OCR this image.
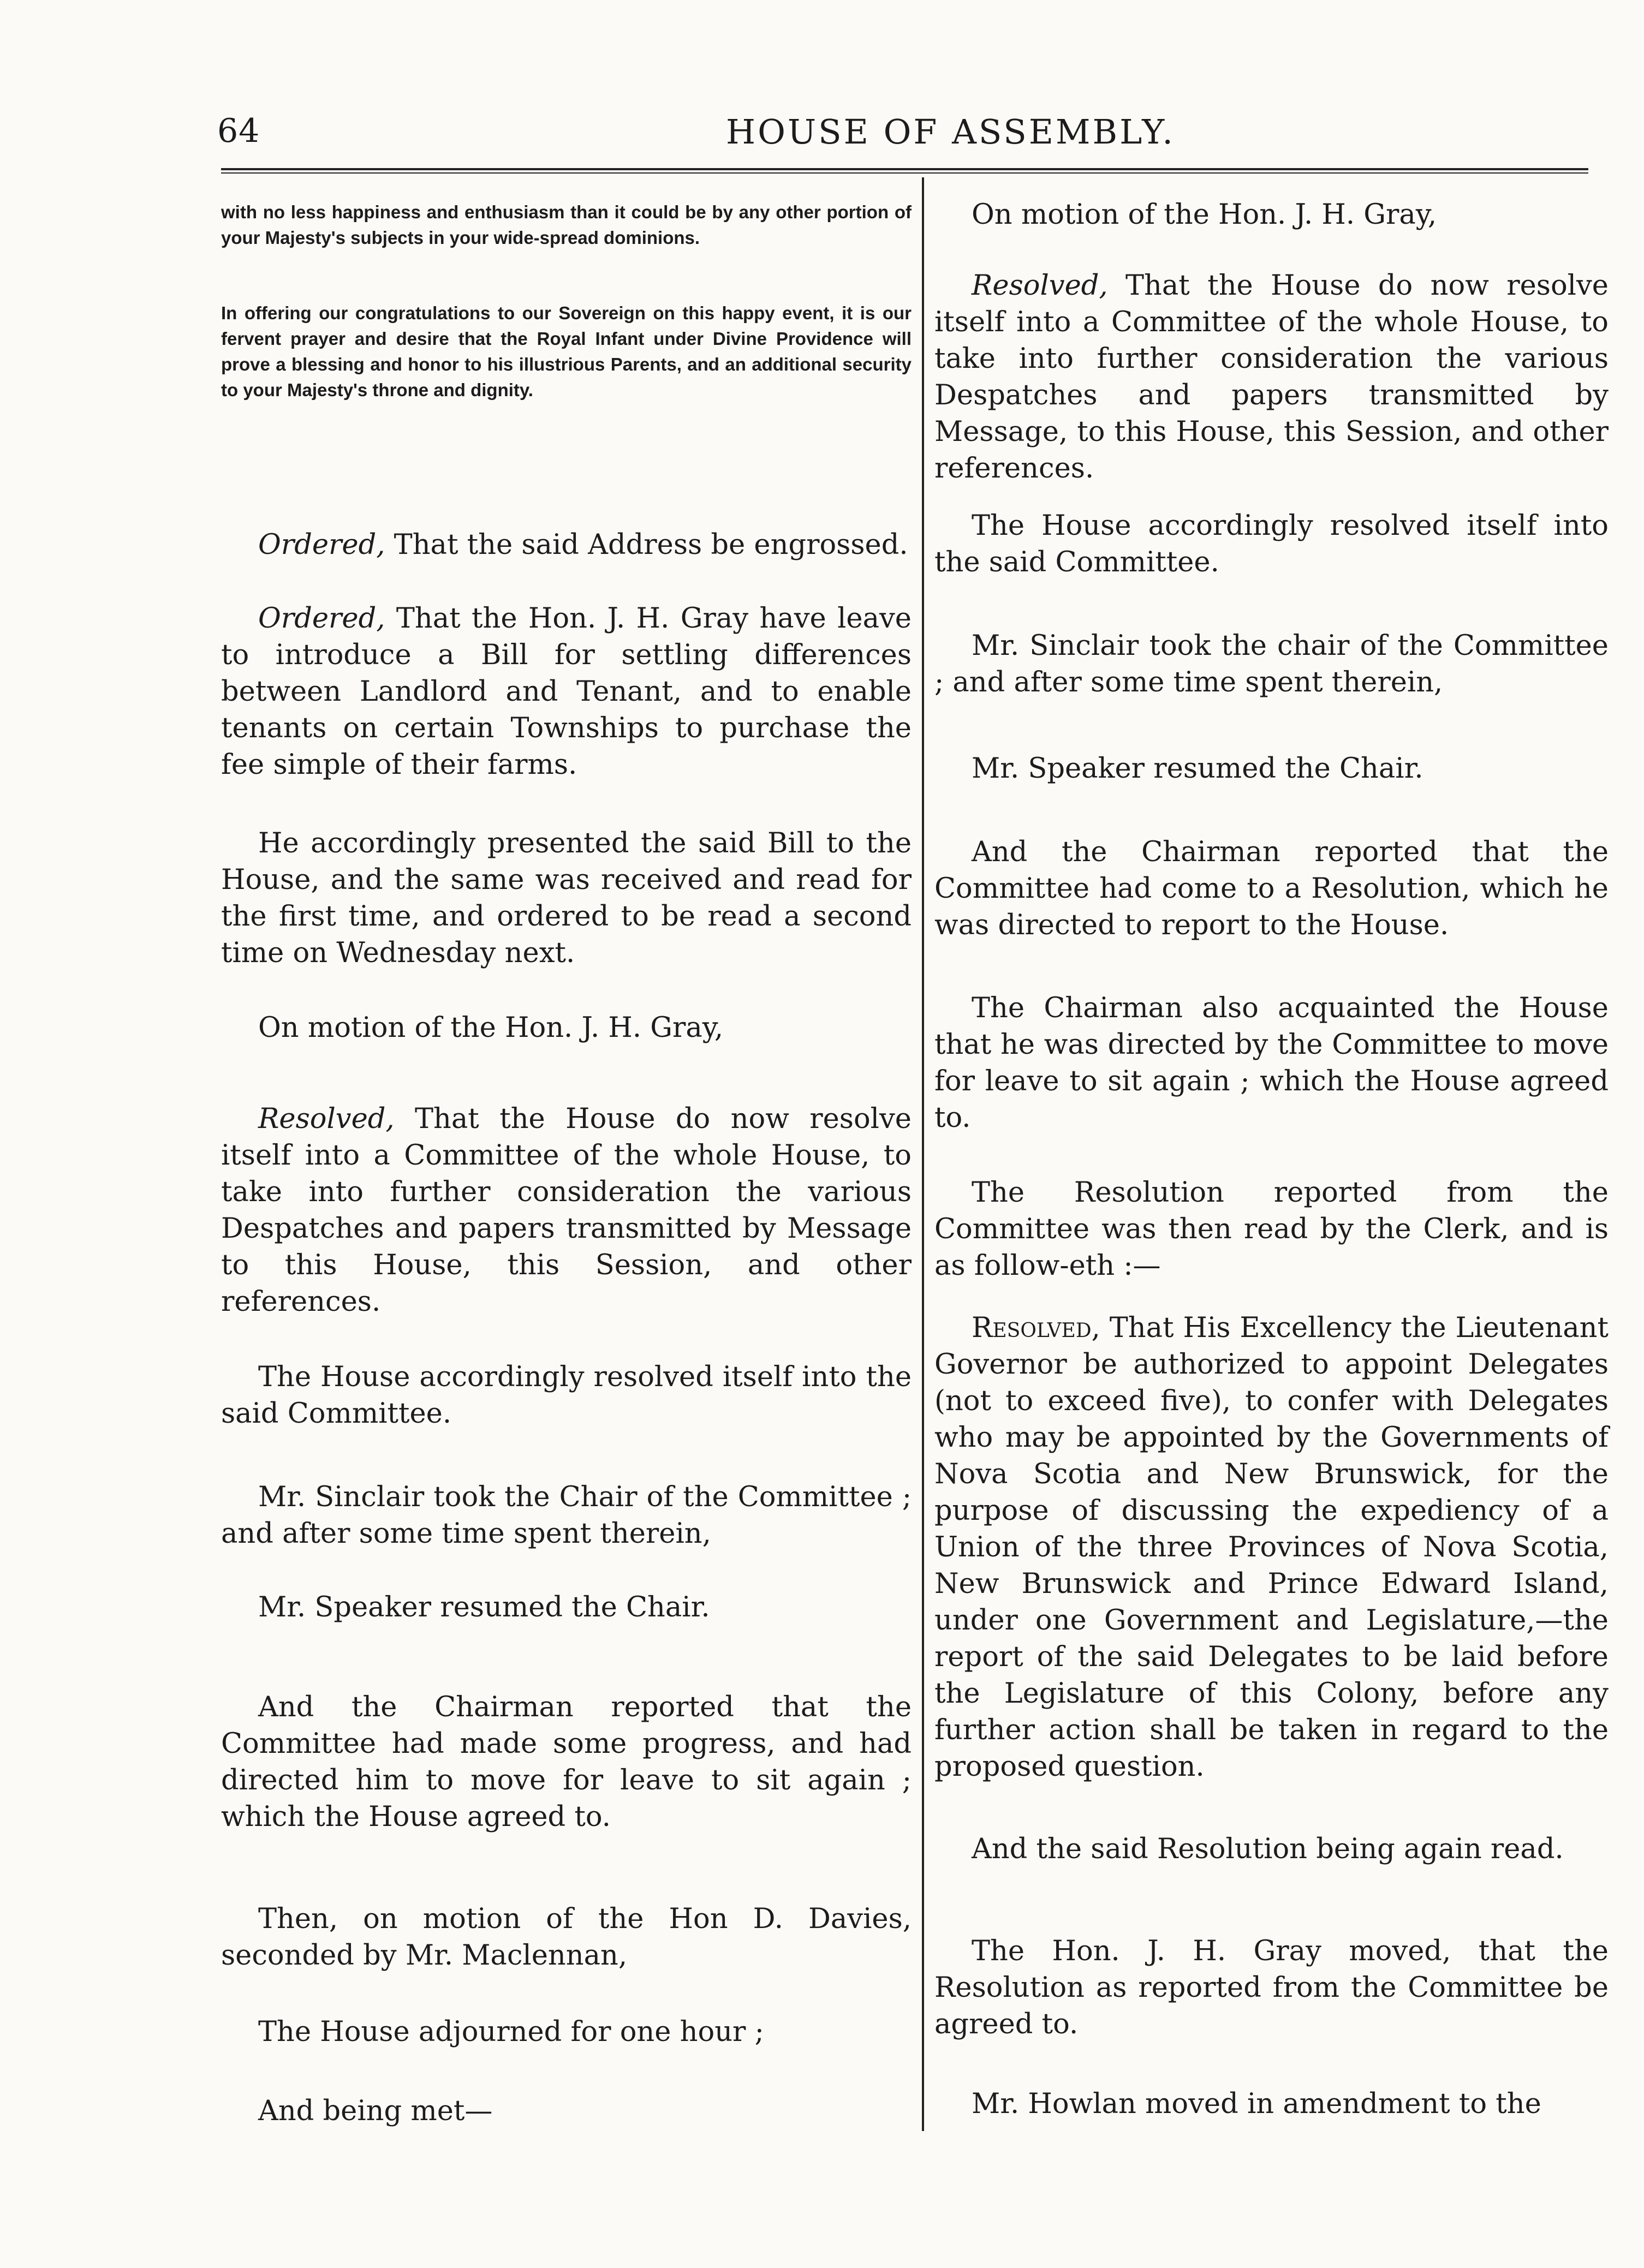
64	HOUSE OF ASSEMBLY.

with no less happiness and enthusiasm than it could be by any other portion of your Majesty's subjects in your wide-spread dominions.

In offering our congratulations to our Sovereign on this happy event, it is our fervent prayer and desire that the Royal Infant under Divine Providence will prove a blessing and honor to his illustrious Parents, and an additional security to your Majesty's throne and dignity.

Ordered, That the said Address be engrossed.

Ordered, That the Hon. J. H. Gray have leave to introduce a Bill for settling differences between Landlord and Tenant, and to enable tenants on certain Townships to purchase the fee simple of their farms.

He accordingly presented the said Bill to the House, and the same was received and read for the first time, and ordered to be read a second time on Wednesday next.

On motion of the Hon. J. H. Gray,

Resolved, That the House do now resolve itself into a Committee of the whole House, to take into further consideration the various Despatches and papers transmitted by Message to this House, this Session, and other references.

The House accordingly resolved itself into the said Committee.

Mr. Sinclair took the Chair of the Committee ; and after some time spent therein,

Mr. Speaker resumed the Chair.

And the Chairman reported that the Committee had made some progress, and had directed him to move for leave to sit again ; which the House agreed to.

Then, on motion of the Hon D. Davies, seconded by Mr. Maclennan,

The House adjourned for one hour ;

And being met—

On motion of the Hon. J. H. Gray,

Resolved, That the House do now resolve itself into a Committee of the whole House, to take into further consideration the various Despatches and papers transmitted by Message, to this House, this Session, and other references.

The House accordingly resolved itself into the said Committee.

Mr. Sinclair took the chair of the Committee ; and after some time spent therein,

Mr. Speaker resumed the Chair.

And the Chairman reported that the Committee had come to a Resolution, which he was directed to report to the House.

The Chairman also acquainted the House that he was directed by the Committee to move for leave to sit again ; which the House agreed to.

The Resolution reported from the Committee was then read by the Clerk, and is as follow-eth :—

Resolved, That His Excellency the Lieutenant Governor be authorized to appoint Delegates (not to exceed five), to confer with Delegates who may be appointed by the Governments of Nova Scotia and New Brunswick, for the purpose of discussing the expediency of a Union of the three Provinces of Nova Scotia, New Brunswick and Prince Edward Island, under one Government and Legislature,—the report of the said Delegates to be laid before the Legislature of this Colony, before any further action shall be taken in regard to the proposed question.

And the said Resolution being again read.

The Hon. J. H. Gray moved, that the Resolution as reported from the Committee be agreed to.

Mr. Howlan moved in amendment to the
